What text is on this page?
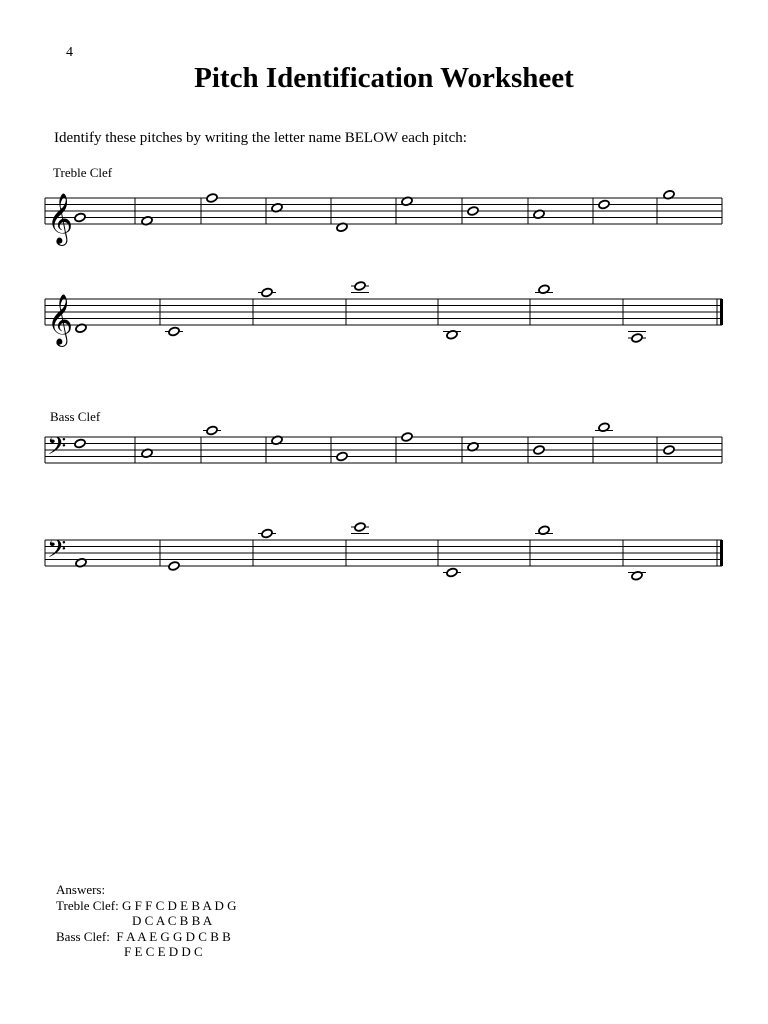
4
Pitch Identification Worksheet
Identify these pitches by writing the letter name BELOW each pitch:
Treble Clef
Bass Clef
𝄞
𝄞
𝄢
𝄢
Answers:
Treble Clef:
G F F C D E B A D G
D C A C B B A
Bass Clef:
F A A E G G D C B B
F E C E D D C
